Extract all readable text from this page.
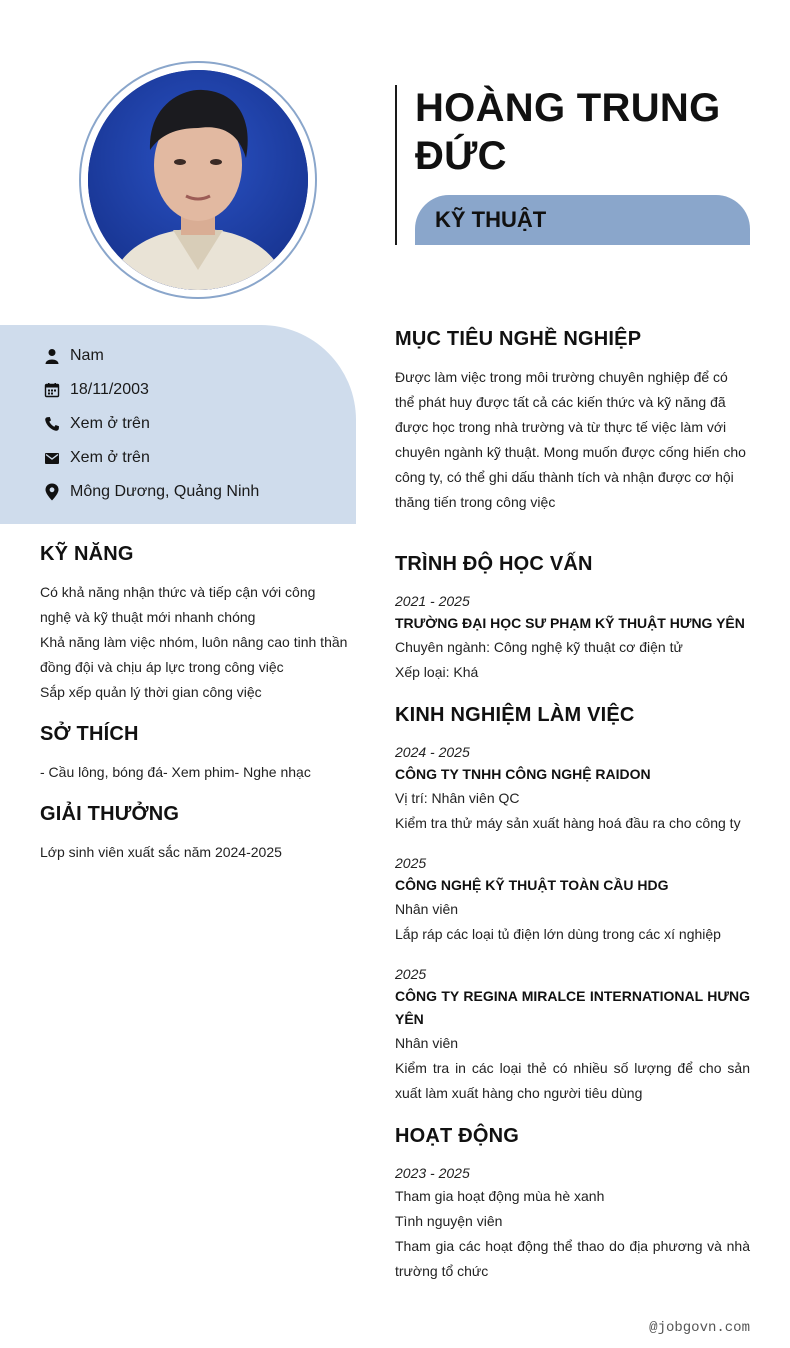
HOÀNG TRUNG ĐỨC
KỸ THUẬT
Nam
18/11/2003
Xem ở trên
Xem ở trên
Mông Dương, Quảng Ninh
KỸ NĂNG
Có khả năng nhận thức và tiếp cận với công nghệ và kỹ thuật mới nhanh chóng
Khả năng làm việc nhóm, luôn nâng cao tinh thần đồng đội và chịu áp lực trong công việc
Sắp xếp quản lý thời gian công việc
SỞ THÍCH
- Cầu lông, bóng đá- Xem phim- Nghe nhạc
GIẢI THƯỞNG
Lớp sinh viên xuất sắc năm 2024-2025
MỤC TIÊU NGHỀ NGHIỆP
Được làm việc trong môi trường chuyên nghiệp để có thể phát huy được tất cả các kiến thức và kỹ năng đã được học trong nhà trường và từ thực tế việc làm với chuyên ngành kỹ thuật. Mong muốn được cống hiến cho công ty, có thể ghi dấu thành tích và nhận được cơ hội thăng tiến trong công việc
TRÌNH ĐỘ HỌC VẤN
2021 - 2025
TRƯỜNG ĐẠI HỌC SƯ PHẠM KỸ THUẬT HƯNG YÊN
Chuyên ngành: Công nghệ kỹ thuật cơ điện tử
Xếp loại: Khá
KINH NGHIỆM LÀM VIỆC
2024 - 2025
CÔNG TY TNHH CÔNG NGHỆ RAIDON
Vị trí: Nhân viên QC
Kiểm tra thử máy sản xuất hàng hoá đầu ra cho công ty
2025
CÔNG NGHỆ KỸ THUẬT TOÀN CẦU HDG
Nhân viên
Lắp ráp các loại tủ điện lớn dùng trong các xí nghiệp
2025
CÔNG TY REGINA MIRALCE INTERNATIONAL HƯNG YÊN
Nhân viên
Kiểm tra in các loại thẻ có nhiều số lượng để cho sản xuất làm xuất hàng cho người tiêu dùng
HOẠT ĐỘNG
2023 - 2025
Tham gia hoạt động mùa hè xanh
Tình nguyện viên
Tham gia các hoạt động thể thao do địa phương và nhà trường tổ chức
@jobgovn.com
